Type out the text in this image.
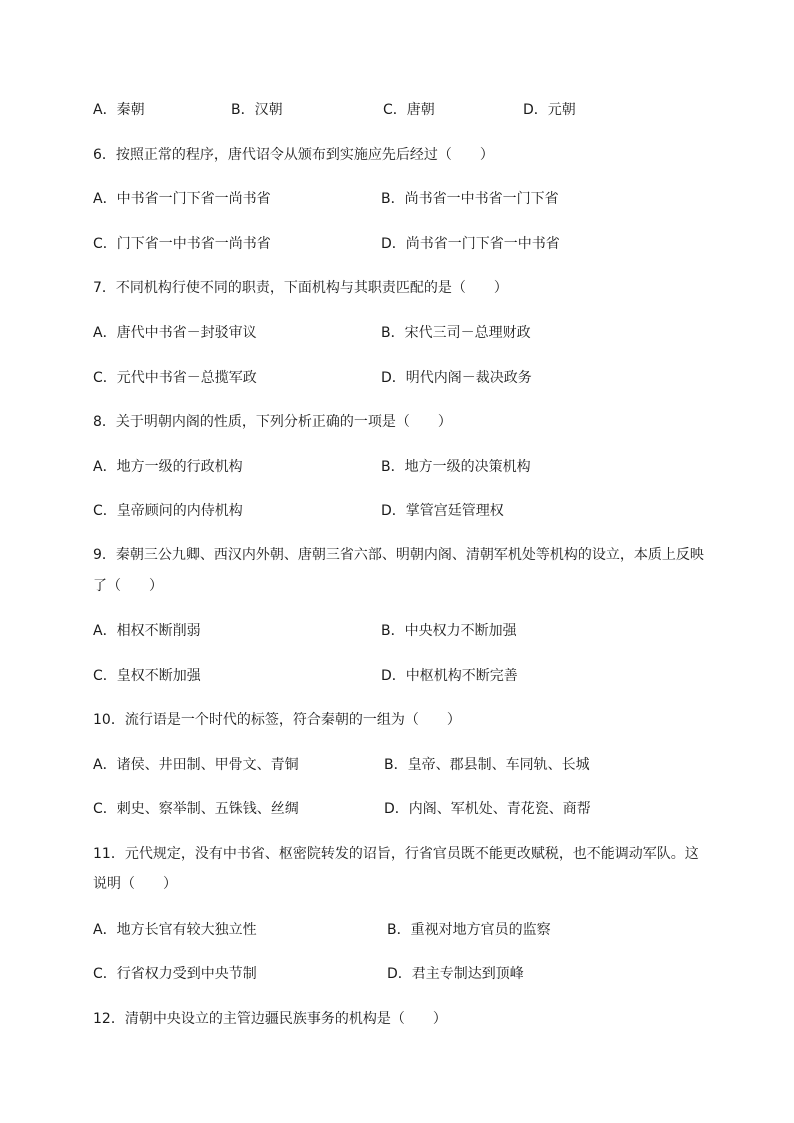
A．秦朝	B．汉朝	C．唐朝	D．元朝
6．按照正常的程序，唐代诏令从颁布到实施应先后经过（　　）
A．中书省一门下省一尚书省	B．尚书省一中书省一门下省
C．门下省一中书省一尚书省	D．尚书省一门下省一中书省
7．不同机构行使不同的职责，下面机构与其职责匹配的是（　　）
A．唐代中书省－封驳审议	B．宋代三司－总理财政
C．元代中书省－总揽军政	D．明代内阁－裁决政务
8．关于明朝内阁的性质，下列分析正确的一项是（　　）
A．地方一级的行政机构	B．地方一级的决策机构
C．皇帝顾问的内侍机构	D．掌管宫廷管理权
9．秦朝三公九卿、西汉内外朝、唐朝三省六部、明朝内阁、清朝军机处等机构的设立，本质上反映
了（　　）
A．相权不断削弱	B．中央权力不断加强
C．皇权不断加强	D．中枢机构不断完善
10．流行语是一个时代的标签，符合秦朝的一组为（　　）
A．诸侯、井田制、甲骨文、青铜	B．皇帝、郡县制、车同轨、长城
C．刺史、察举制、五铢钱、丝绸	D．内阁、军机处、青花瓷、商帮
11．元代规定，没有中书省、枢密院转发的诏旨，行省官员既不能更改赋税，也不能调动军队。这
说明（　　）
A．地方长官有较大独立性	B．重视对地方官员的监察
C．行省权力受到中央节制	D．君主专制达到顶峰
12．清朝中央设立的主管边疆民族事务的机构是（　　）
